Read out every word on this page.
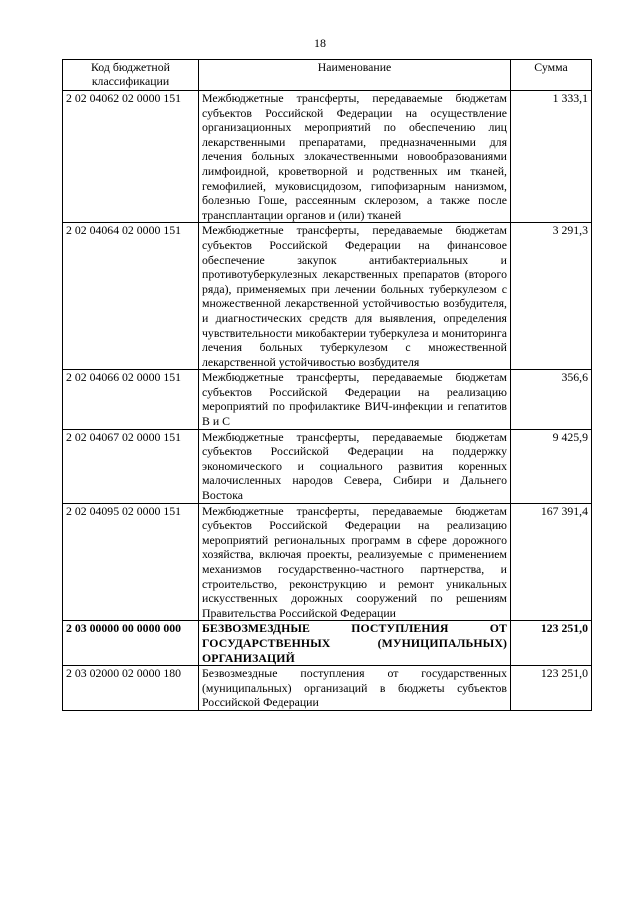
18
Код бюджетной классификации	Наименование	Сумма
2 02 04062 02 0000 151	Межбюджетные трансферты, передаваемые бюджетам субъектов Российской Федерации на осуществление организационных мероприятий по обеспечению лиц лекарственными препаратами, предназначенными для лечения больных злокачественными новообразованиями лимфоидной, кроветворной и родственных им тканей, гемофилией, муковисцидозом, гипофизарным нанизмом, болезнью Гоше, рассеянным склерозом, а также после трансплантации органов и (или) тканей	1 333,1
2 02 04064 02 0000 151	Межбюджетные трансферты, передаваемые бюджетам субъектов Российской Федерации на финансовое обеспечение закупок антибактериальных и противотуберкулезных лекарственных препаратов (второго ряда), применяемых при лечении больных туберкулезом с множественной лекарственной устойчивостью возбудителя, и диагностических средств для выявления, определения чувствительности микобактерии туберкулеза и мониторинга лечения больных туберкулезом с множественной лекарственной устойчивостью возбудителя	3 291,3
2 02 04066 02 0000 151	Межбюджетные трансферты, передаваемые бюджетам субъектов Российской Федерации на реализацию мероприятий по профилактике ВИЧ-инфекции и гепатитов В и С	356,6
2 02 04067 02 0000 151	Межбюджетные трансферты, передаваемые бюджетам субъектов Российской Федерации на поддержку экономического и социального развития коренных малочисленных народов Севера, Сибири и Дальнего Востока	9 425,9
2 02 04095 02 0000 151	Межбюджетные трансферты, передаваемые бюджетам субъектов Российской Федерации на реализацию мероприятий региональных программ в сфере дорожного хозяйства, включая проекты, реализуемые с применением механизмов государственно-частного партнерства, и строительство, реконструкцию и ремонт уникальных искусственных дорожных сооружений по решениям Правительства Российской Федерации	167 391,4
2 03 00000 00 0000 000	БЕЗВОЗМЕЗДНЫЕ ПОСТУПЛЕНИЯ ОТ ГОСУДАРСТВЕННЫХ (МУНИЦИПАЛЬНЫХ) ОРГАНИЗАЦИЙ	123 251,0
2 03 02000 02 0000 180	Безвозмездные поступления от государственных (муниципальных) организаций в бюджеты субъектов Российской Федерации	123 251,0
